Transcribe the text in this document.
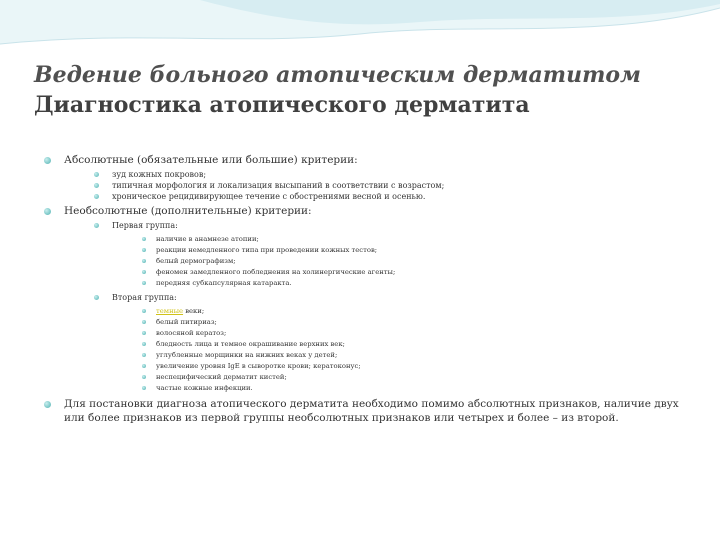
Ведение больного атопическим дерматитом
Диагностика атопического дерматита
Абсолютные (обязательные или большие) критерии:
зуд кожных покровов;
типичная морфология и локализация высыпаний в соответствии с возрастом;
хроническое рецидивирующее течение с обострениями весной и осенью.
Необсолютные (дополнительные) критерии:
Первая группа:
наличие в анамнезе атопии;
реакции немедленного типа при проведении кожных тестов;
белый дермографизм;
феномен замедленного побледнения на холинергические агенты;
передняя субкапсулярная катаракта.
Вторая группа:
темные веки;
белый питириаз;
волосяной кератоз;
бледность лица и темное окрашивание верхних век;
углубленные морщинки на нижних веках у детей;
увеличение уровня IgE в сыворотке крови; кератоконус;
неспецифический дерматит кистей;
частые кожные инфекции.
Для постановки диагноза атопического дерматита необходимо помимо абсолютных признаков, наличие двух или более признаков из первой группы необсолютных признаков или четырех и более – из второй.
